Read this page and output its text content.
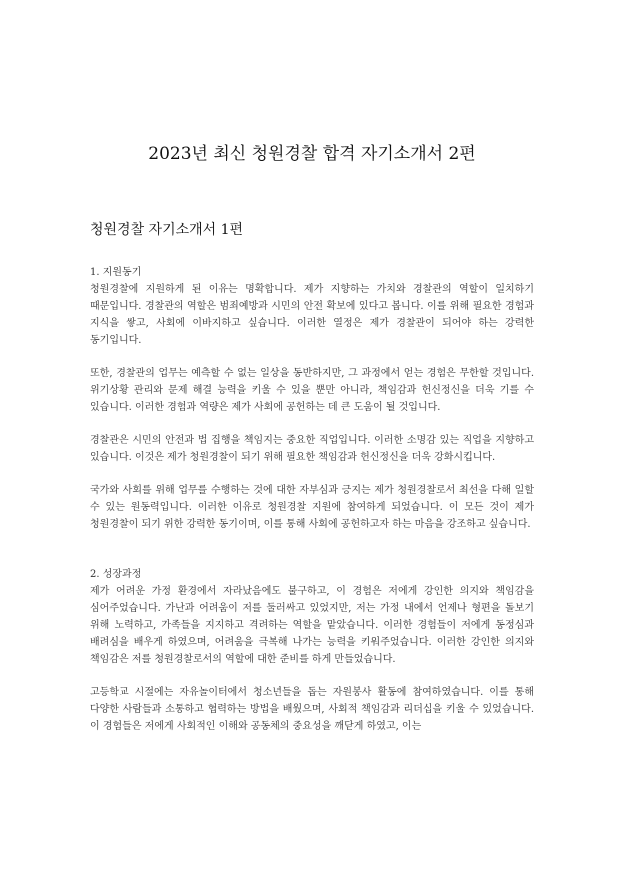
2023년 최신 청원경찰 합격 자기소개서 2편
청원경찰 자기소개서 1편

1. 지원동기

청원경찰에 지원하게 된 이유는 명확합니다. 제가 지향하는 가치와 경찰관의 역할이 일치하기 때문입니다. 경찰관의 역할은 범죄예방과 시민의 안전 확보에 있다고 봅니다. 이를 위해 필요한 경험과 지식을 쌓고, 사회에 이바지하고 싶습니다. 이러한 열정은 제가 경찰관이 되어야 하는 강력한 동기입니다.

또한, 경찰관의 업무는 예측할 수 없는 일상을 동반하지만, 그 과정에서 얻는 경험은 무한할 것입니다. 위기상황 관리와 문제 해결 능력을 키울 수 있을 뿐만 아니라, 책임감과 헌신정신을 더욱 기를 수 있습니다. 이러한 경험과 역량은 제가 사회에 공헌하는 데 큰 도움이 될 것입니다.

경찰관은 시민의 안전과 법 집행을 책임지는 중요한 직업입니다. 이러한 소명감 있는 직업을 지향하고 있습니다. 이것은 제가 청원경찰이 되기 위해 필요한 책임감과 헌신정신을 더욱 강화시킵니다.

국가와 사회를 위해 업무를 수행하는 것에 대한 자부심과 긍지는 제가 청원경찰로서 최선을 다해 일할 수 있는 원동력입니다. 이러한 이유로 청원경찰 지원에 참여하게 되었습니다. 이 모든 것이 제가 청원경찰이 되기 위한 강력한 동기이며, 이를 통해 사회에 공헌하고자 하는 마음을 강조하고 싶습니다.

2. 성장과정

제가 어려운 가정 환경에서 자라났음에도 불구하고, 이 경험은 저에게 강인한 의지와 책임감을 심어주었습니다. 가난과 어려움이 저를 둘러싸고 있었지만, 저는 가정 내에서 언제나 형편을 돌보기 위해 노력하고, 가족들을 지지하고 격려하는 역할을 맡았습니다. 이러한 경험들이 저에게 동정심과 배려심을 배우게 하였으며, 어려움을 극복해 나가는 능력을 키워주었습니다. 이러한 강인한 의지와 책임감은 저를 청원경찰로서의 역할에 대한 준비를 하게 만들었습니다.

고등학교 시절에는 자유놀이터에서 청소년들을 돕는 자원봉사 활동에 참여하였습니다. 이를 통해 다양한 사람들과 소통하고 협력하는 방법을 배웠으며, 사회적 책임감과 리더십을 키울 수 있었습니다. 이 경험들은 저에게 사회적인 이해와 공동체의 중요성을 깨닫게 하였고, 이는
